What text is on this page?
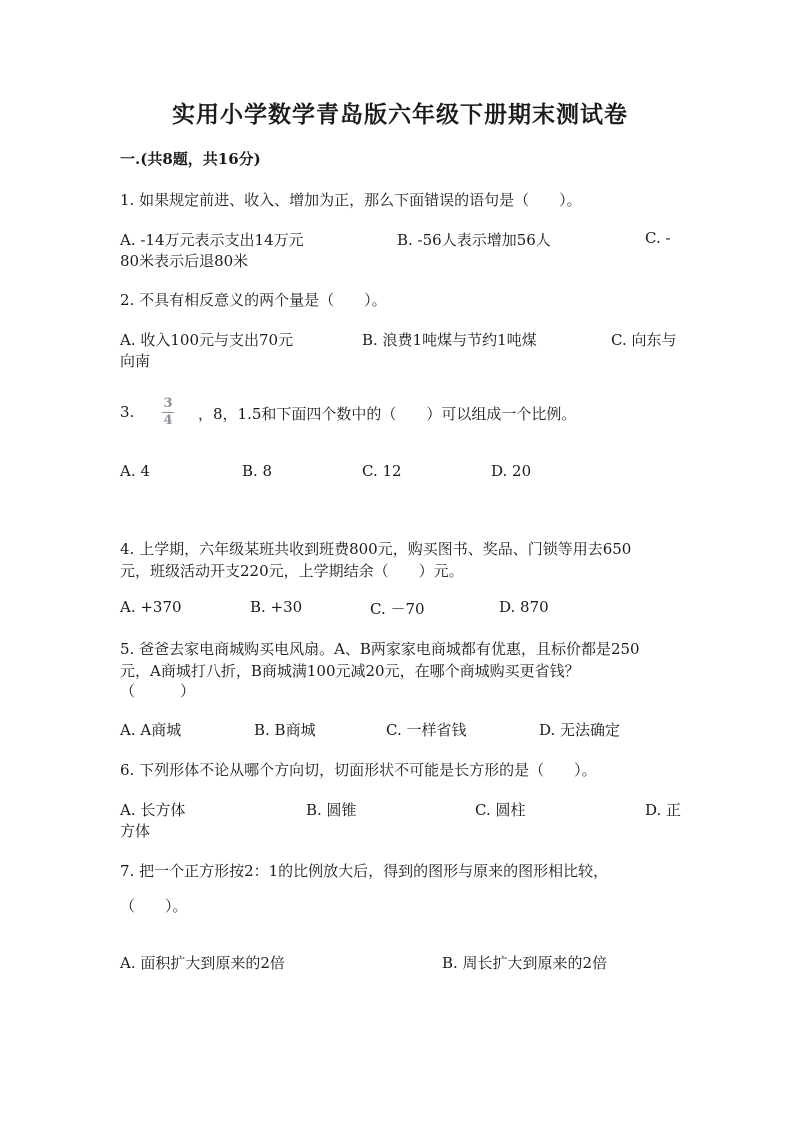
实用小学数学青岛版六年级下册期末测试卷
一.(共8题，共16分)
1. 如果规定前进、收入、增加为正，那么下面错误的语句是（　　）。
A. -14万元表示支出14万元	B. -56人表示增加56人	C. -
80米表示后退80米
2. 不具有相反意义的两个量是（　　）。
A. 收入100元与支出70元	B. 浪费1吨煤与节约1吨煤	C. 向东与
向南
3. 3
4 ，8，1.5和下面四个数中的（　　）可以组成一个比例。
A. 4	B. 8	C. 12	D. 20
4. 上学期，六年级某班共收到班费800元，购买图书、奖品、门锁等用去650
元，班级活动开支220元，上学期结余（　　）元。
A. +370	B. +30	C. －70	D. 870
5. 爸爸去家电商城购买电风扇。A、B两家家电商城都有优惠，且标价都是250
元，A商城打八折，B商城满100元减20元，在哪个商城购买更省钱？
（　　　）
A. A商城	B. B商城	C. 一样省钱	D. 无法确定
6. 下列形体不论从哪个方向切，切面形状不可能是长方形的是（　　）。
A. 长方体	B. 圆锥	C. 圆柱	D. 正
方体
7. 把一个正方形按2：1的比例放大后，得到的图形与原来的图形相比较，
（　　）。
A. 面积扩大到原来的2倍	B. 周长扩大到原来的2倍
